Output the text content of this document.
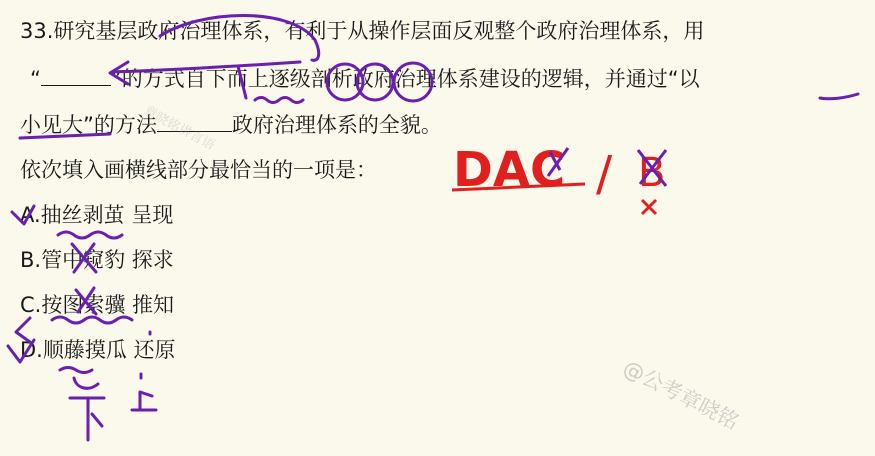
33.研究基层政府治理体系，有利于从操作层面反观整个政府治理体系，用
“	”的方式自下而上逐级剖析政府治理体系建设的逻辑，并通过“以
小见大”的方法	政府治理体系的全貌。
依次填入画横线部分最恰当的一项是：
A.抽丝剥茧 呈现
B.管中窥豹 探求
C.按图索骥 推知
D.顺藤摸瓜 还原
章晓铭讲言语
@公考章晓铭
DAC / B
